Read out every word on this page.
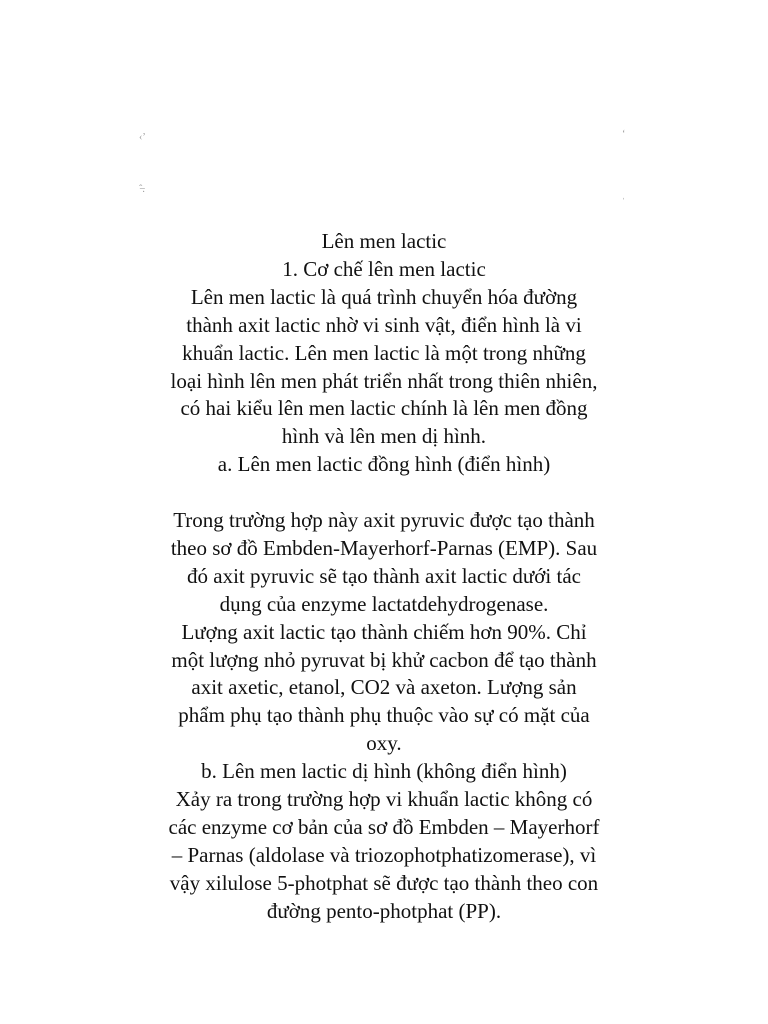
‹’
ˆ̶.
‘
ˌ
Lên men lactic
1. Cơ chế lên men lactic
Lên men lactic là quá trình chuyển hóa đường
thành axit lactic nhờ vi sinh vật, điển hình là vi
khuẩn lactic. Lên men lactic là một trong những
loại hình lên men phát triển nhất trong thiên nhiên,
có hai kiểu lên men lactic chính là lên men đồng
hình và lên men dị hình.
a. Lên men lactic đồng hình (điển hình)
Trong trường hợp này axit pyruvic được tạo thành
theo sơ đồ Embden-Mayerhorf-Parnas (EMP). Sau
đó axit pyruvic sẽ tạo thành axit lactic dưới tác
dụng của enzyme lactatdehydrogenase.
Lượng axit lactic tạo thành chiếm hơn 90%. Chỉ
một lượng nhỏ pyruvat bị khử cacbon để tạo thành
axit axetic, etanol, CO2 và axeton. Lượng sản
phẩm phụ tạo thành phụ thuộc vào sự có mặt của
oxy.
b. Lên men lactic dị hình (không điển hình)
Xảy ra trong trường hợp vi khuẩn lactic không có
các enzyme cơ bản của sơ đồ Embden – Mayerhorf
– Parnas (aldolase và triozophotphatizomerase), vì
vậy xilulose 5-photphat sẽ được tạo thành theo con
đường pento-photphat (PP).
